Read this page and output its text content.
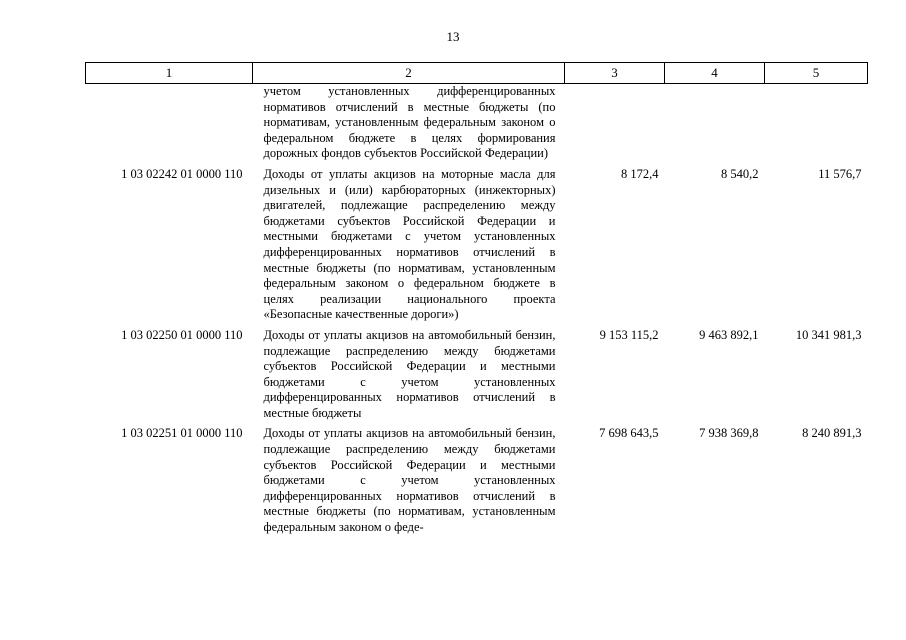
13
1	2	3	4	5
	учетом установленных дифференцированных нормативов отчислений в местные бюджеты (по нормативам, установленным федеральным законом о федеральном бюджете в целях формирования дорожных фондов субъектов Российской Федерации)			
1 03 02242 01 0000 110	Доходы от уплаты акцизов на моторные масла для дизельных и (или) карбюраторных (инжекторных) двигателей, подлежащие распределению между бюджетами субъектов Российской Федерации и местными бюджетами с учетом установленных дифференцированных нормативов отчислений в местные бюджеты (по нормативам, установленным федеральным законом о федеральном бюджете в целях реализации национального проекта «Безопасные качественные дороги»)	8 172,4	8 540,2	11 576,7
1 03 02250 01 0000 110	Доходы от уплаты акцизов на автомобильный бензин, подлежащие распределению между бюджетами субъектов Российской Федерации и местными бюджетами с учетом установленных дифференцированных нормативов отчислений в местные бюджеты	9 153 115,2	9 463 892,1	10 341 981,3
1 03 02251 01 0000 110	Доходы от уплаты акцизов на автомобильный бензин, подлежащие распределению между бюджетами субъектов Российской Федерации и местными бюджетами с учетом установленных дифференцированных нормативов отчислений в местные бюджеты (по нормативам, установленным федеральным законом о феде-	7 698 643,5	7 938 369,8	8 240 891,3
